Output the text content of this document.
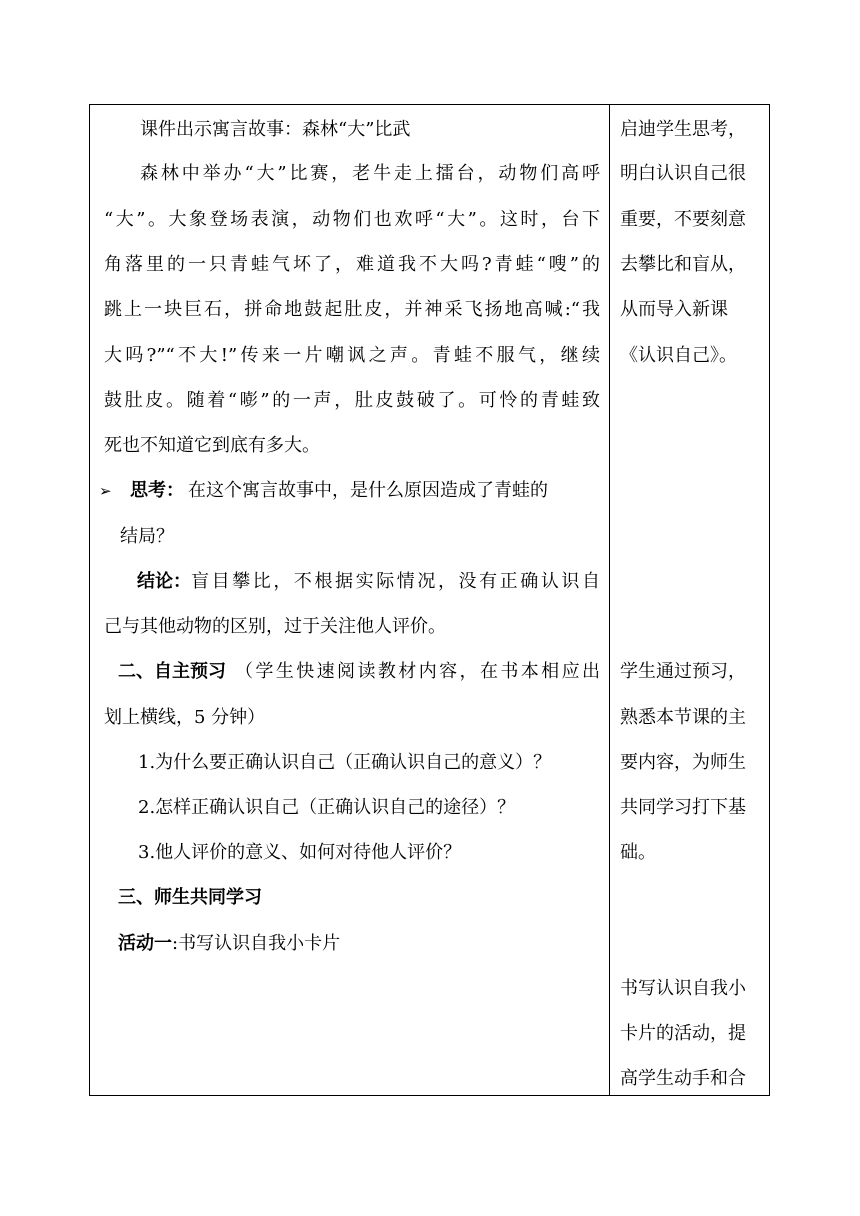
课件出示寓言故事：森林“大”比武
森林中举办“大”比赛，老牛走上擂台，动物们高呼
“大”。大象登场表演，动物们也欢呼“大”。这时，台下
角落里的一只青蛙气坏了，难道我不大吗?青蛙“嗖”的
跳上一块巨石，拼命地鼓起肚皮，并神采飞扬地高喊:“我
大吗?”“不大!”传来一片嘲讽之声。青蛙不服气，继续
鼓肚皮。随着“嘭”的一声，肚皮鼓破了。可怜的青蛙致
死也不知道它到底有多大。
➢ 思考： 在这个寓言故事中，是什么原因造成了青蛙的
结局？
结论： 盲目攀比，不根据实际情况，没有正确认识自
己与其他动物的区别，过于关注他人评价。
二、自主预习 （学生快速阅读教材内容，在书本相应出
划上横线，5 分钟）
1.为什么要正确认识自己（正确认识自己的意义）？
2.怎样正确认识自己（正确认识自己的途径）？
3.他人评价的意义、如何对待他人评价？
三、师生共同学习
活动一 :书写认识自我小卡片
启迪学生思考，
明白认识自己很
重要，不要刻意
去攀比和盲从，
从而导入新课
《认识自己》。
学生通过预习，
熟悉本节课的主
要内容，为师生
共同学习打下基
础。
书写认识自我小
卡片的活动，提
高学生动手和合
